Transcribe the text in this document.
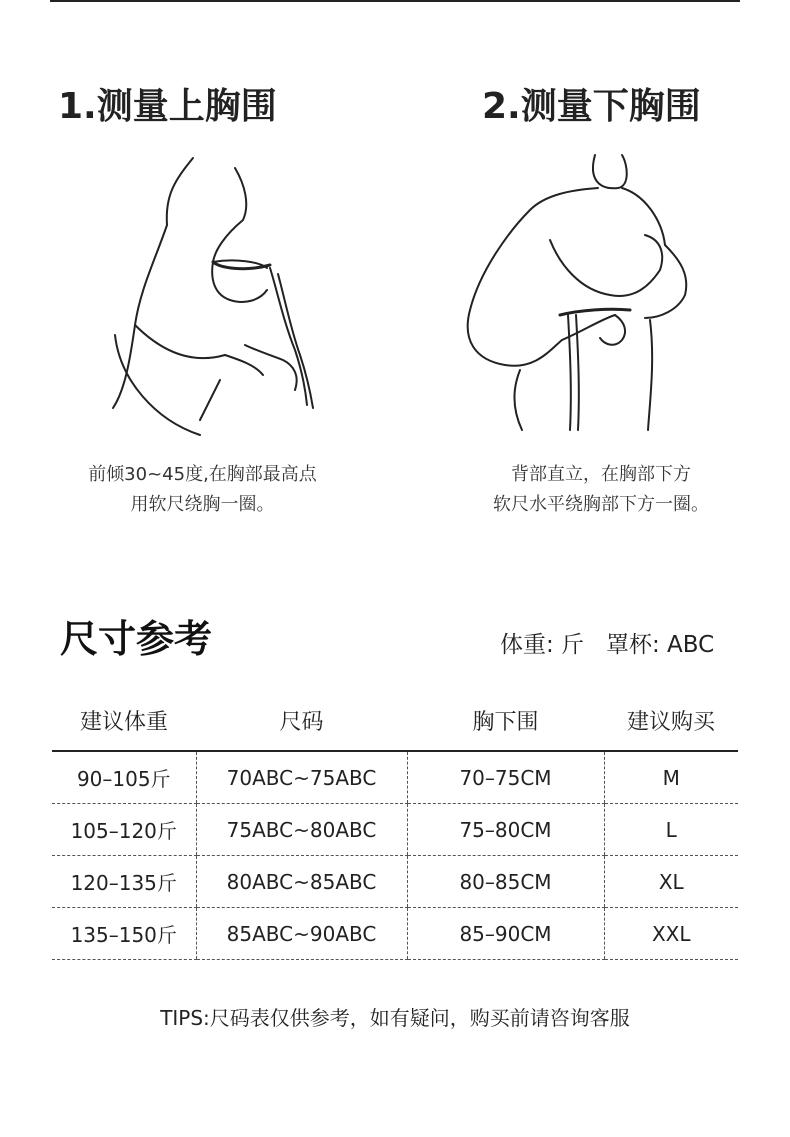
1.测量上胸围	2.测量下胸围
前倾30~45度,在胸部最高点
用软尺绕胸一圈。
背部直立，在胸部下方
软尺水平绕胸部下方一圈。
尺寸参考	体重: 斤   罩杯: ABC
建议体重	尺码	胸下围	建议购买
90–105斤	70ABC~75ABC	70–75CM	M
105–120斤	75ABC~80ABC	75–80CM	L
120–135斤	80ABC~85ABC	80–85CM	XL
135–150斤	85ABC~90ABC	85–90CM	XXL
TIPS:尺码表仅供参考，如有疑问，购买前请咨询客服
